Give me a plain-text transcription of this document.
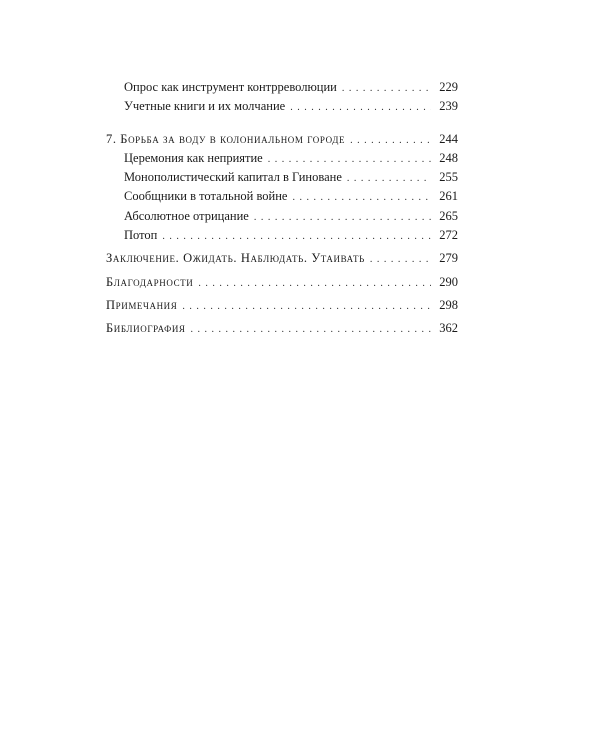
Опрос как инструмент контрреволюции . . .	229
Учетные книги и их молчание . . .	239
7. Борьба за воду в колониальном городе . . .	244
Церемония как неприятие . . .	248
Монополистический капитал в Гиноване . . .	255
Сообщники в тотальной войне . . .	261
Абсолютное отрицание . . .	265
Потоп . . .	272
Заключение. Ожидать. Наблюдать. Утаивать . . .	279
Благодарности . . .	290
Примечания . . .	298
Библиография . . .	362
